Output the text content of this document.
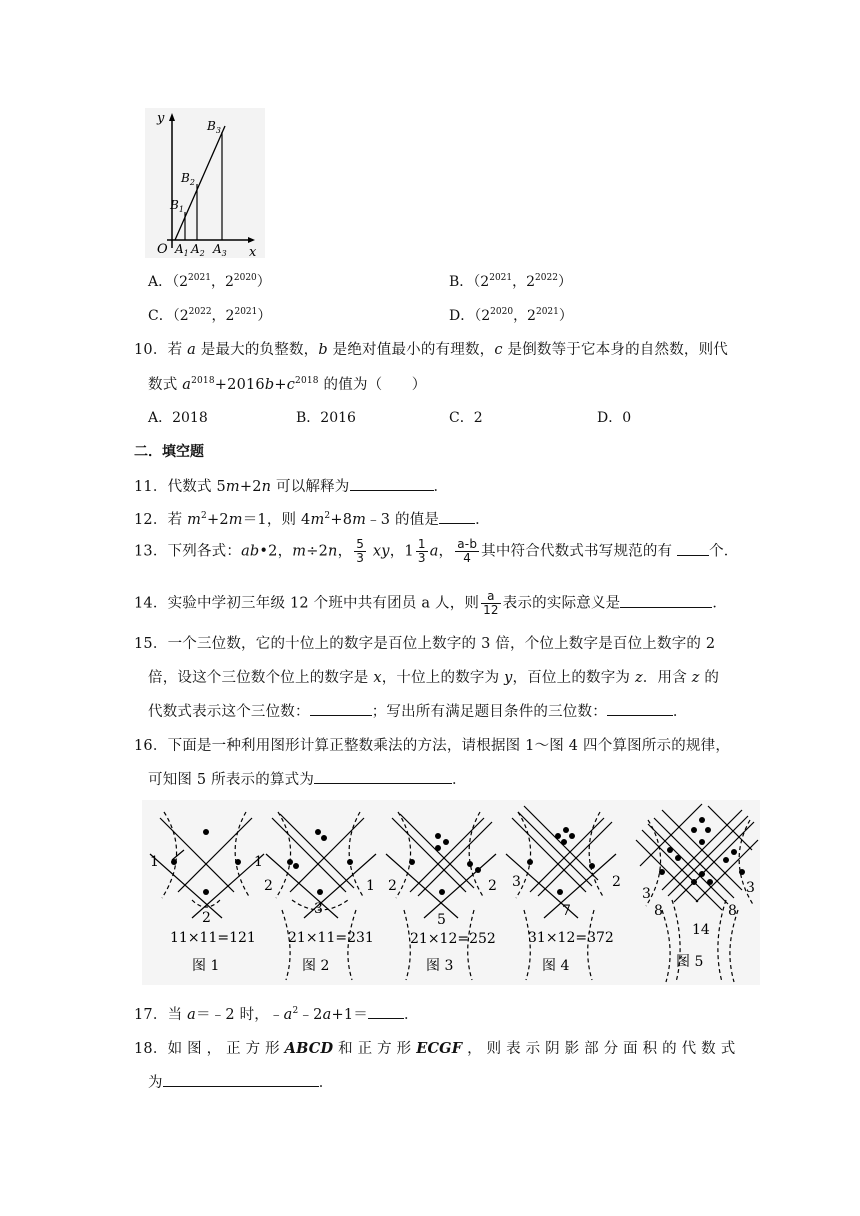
y
x
O
$B_1$
$B_2$
$B_3$
$A_1$ $A_2$ $A_3$
A．（$2^{2021}$，$2^{2020}$）	B．（$2^{2021}$，$2^{2022}$）
C．（$2^{2022}$，$2^{2021}$）	D．（$2^{2020}$，$2^{2021}$）
10．若 a 是最大的负整数，b 是绝对值最小的有理数，c 是倒数等于它本身的自然数，则代
数式 $a^{2018}+2016b+c^{2018}$ 的值为（　　）
A．2018	B．2016	C．2	D．0
二．填空题
11．代数式 5m+2n 可以解释为	．
12．若 $m^2+2m=1$，则 $4m^2+8m﹣3$ 的值是 ．
13．下列各式：ab•2，m÷2n， $\frac{5}{3}$ xy，$1 \frac{1}{3}$ a， $\frac{a-b}{4}$ 其中符合代数式书写规范的有 个．
14．实验中学初三年级 12 个班中共有团员 a 人，则 $\frac{a}{12}$ 表示的实际意义是	．
15．一个三位数，它的十位上的数字是百位上数字的 3 倍，个位上数字是百位上数字的 2
倍，设这个三位数个位上的数字是 x，十位上的数字为 y，百位上的数字为 z．用含 z 的
代数式表示这个三位数：	；写出所有满足题目条件的三位数：	．
16．下面是一种利用图形计算正整数乘法的方法，请根据图 1～图 4 四个算图所示的规律，
可知图 5 所表示的算式为	．
1	1
2
11×11=121
图 1
2	1
3
21×11=231
图 2
2	2
5
21×12=252
图 3
3	2
7
31×12=372
图 4
3	3
8	8
14
图 5
17．当 a＝﹣2 时，$﹣a^2﹣2a+1=$ ．
18．如 图 ， 正 方 形 ABCD 和 正 方 形 ECGF ， 则 表 示 阴 影 部 分 面 积 的 代 数 式
为	．
